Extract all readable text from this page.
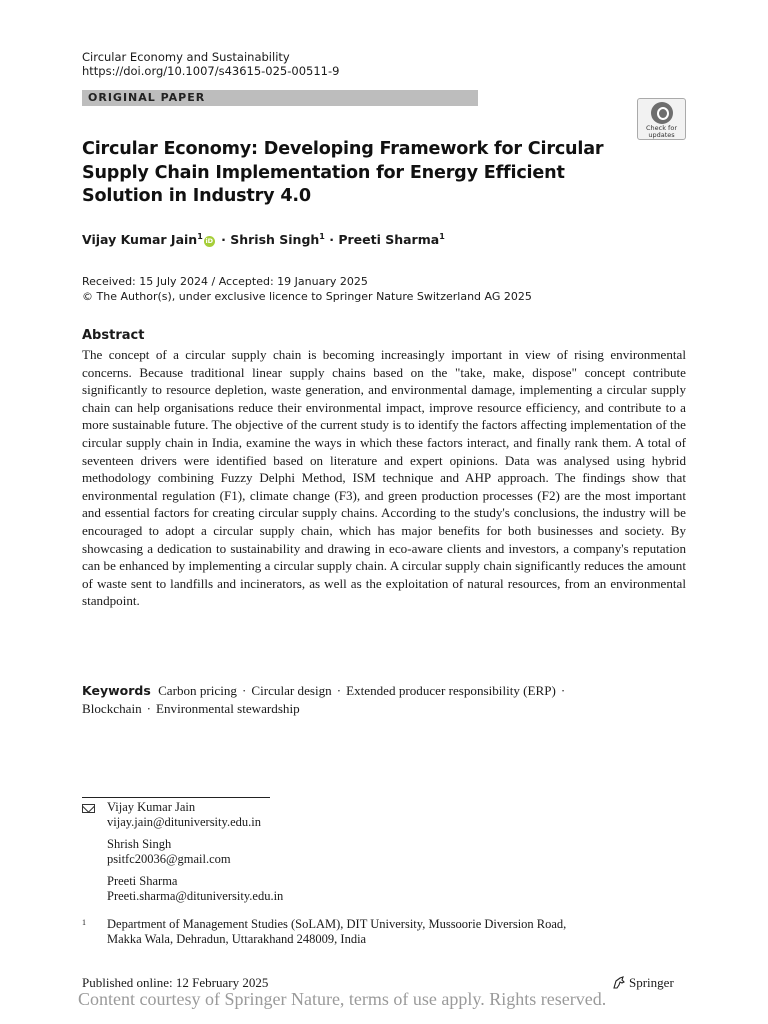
Circular Economy and Sustainability
https://doi.org/10.1007/s43615-025-00511-9
ORIGINAL PAPER
Check for updates
Circular Economy: Developing Framework for Circular Supply Chain Implementation for Energy Efficient Solution in Industry 4.0
Vijay Kumar Jain$^1$iD · Shrish Singh$^1$ · Preeti Sharma$^1$
Received: 15 July 2024 / Accepted: 19 January 2025
© The Author(s), under exclusive licence to Springer Nature Switzerland AG 2025
Abstract
The concept of a circular supply chain is becoming increasingly important in view of rising environmental concerns. Because traditional linear supply chains based on the "take, make, dispose" concept contribute significantly to resource depletion, waste generation, and environmental damage, implementing a circular supply chain can help organisations reduce their environmental impact, improve resource efficiency, and contribute to a more sustainable future. The objective of the current study is to identify the factors affecting implementation of the circular supply chain in India, examine the ways in which these factors interact, and finally rank them. A total of seventeen drivers were identified based on literature and expert opinions. Data was analysed using hybrid methodology combining Fuzzy Delphi Method, ISM technique and AHP approach. The findings show that environmental regulation (F1), climate change (F3), and green production processes (F2) are the most important and essential factors for creating circular supply chains. According to the study's conclusions, the industry will be encouraged to adopt a circular supply chain, which has major benefits for both businesses and society. By showcasing a dedication to sustainability and drawing in eco-aware clients and investors, a company's reputation can be enhanced by implementing a circular supply chain. A circular supply chain significantly reduces the amount of waste sent to landfills and incinerators, as well as the exploitation of natural resources, from an environmental standpoint.
Keywords Carbon pricing · Circular design · Extended producer responsibility (ERP) · Blockchain · Environmental stewardship
Vijay Kumar Jain
vijay.jain@dituniversity.edu.in
Shrish Singh
psitfc20036@gmail.com
Preeti Sharma
Preeti.sharma@dituniversity.edu.in
1 Department of Management Studies (SoLAM), DIT University, Mussoorie Diversion Road,
Makka Wala, Dehradun, Uttarakhand 248009, India
Published online: 12 February 2025	Springer
Content courtesy of Springer Nature, terms of use apply. Rights reserved.
